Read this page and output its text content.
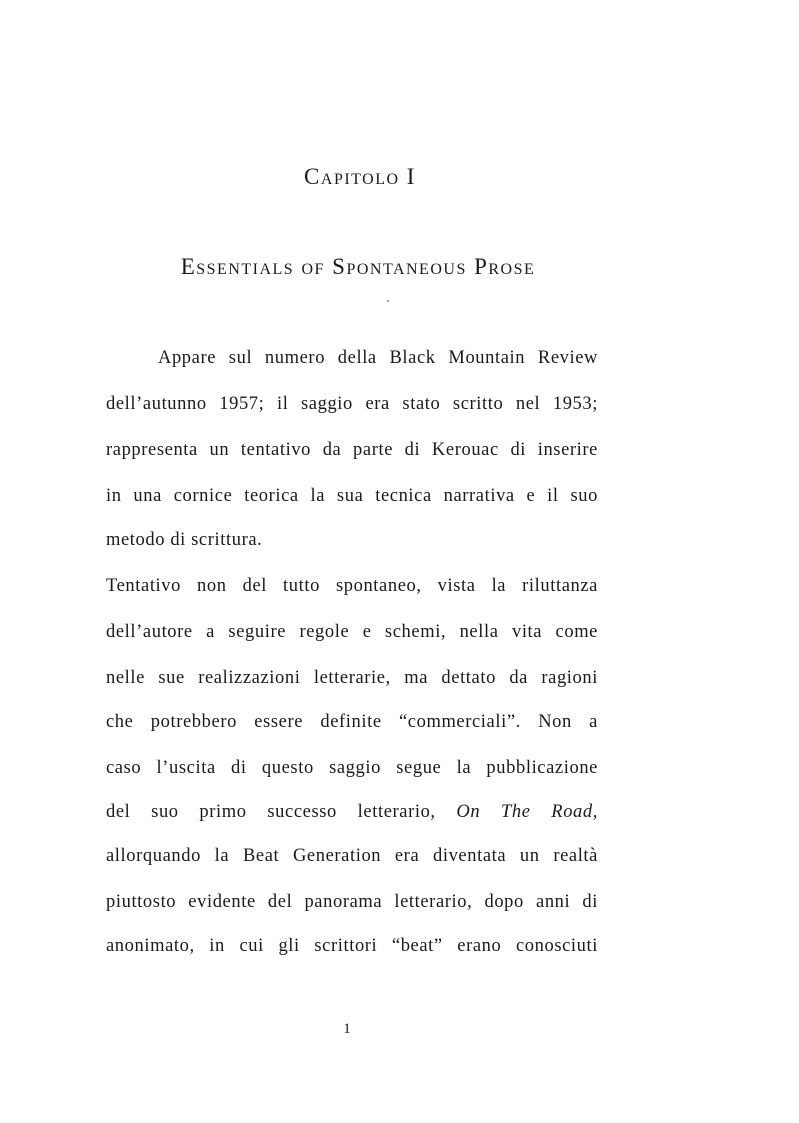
Capitolo I
Essentials of Spontaneous Prose
Appare sul numero della Black Mountain Review
dell’autunno 1957; il saggio era stato scritto nel 1953;
rappresenta un tentativo da parte di Kerouac di inserire
in una cornice teorica la sua tecnica narrativa e il suo
metodo di scrittura.
Tentativo non del tutto spontaneo, vista la riluttanza
dell’autore a seguire regole e schemi, nella vita come
nelle sue realizzazioni letterarie, ma dettato da ragioni
che potrebbero essere definite “commerciali”. Non a
caso l’uscita di questo saggio segue la pubblicazione
del suo primo successo letterario, On The Road,
allorquando la Beat Generation era diventata un realtà
piuttosto evidente del panorama letterario, dopo anni di
anonimato, in cui gli scrittori “beat” erano conosciuti
1
